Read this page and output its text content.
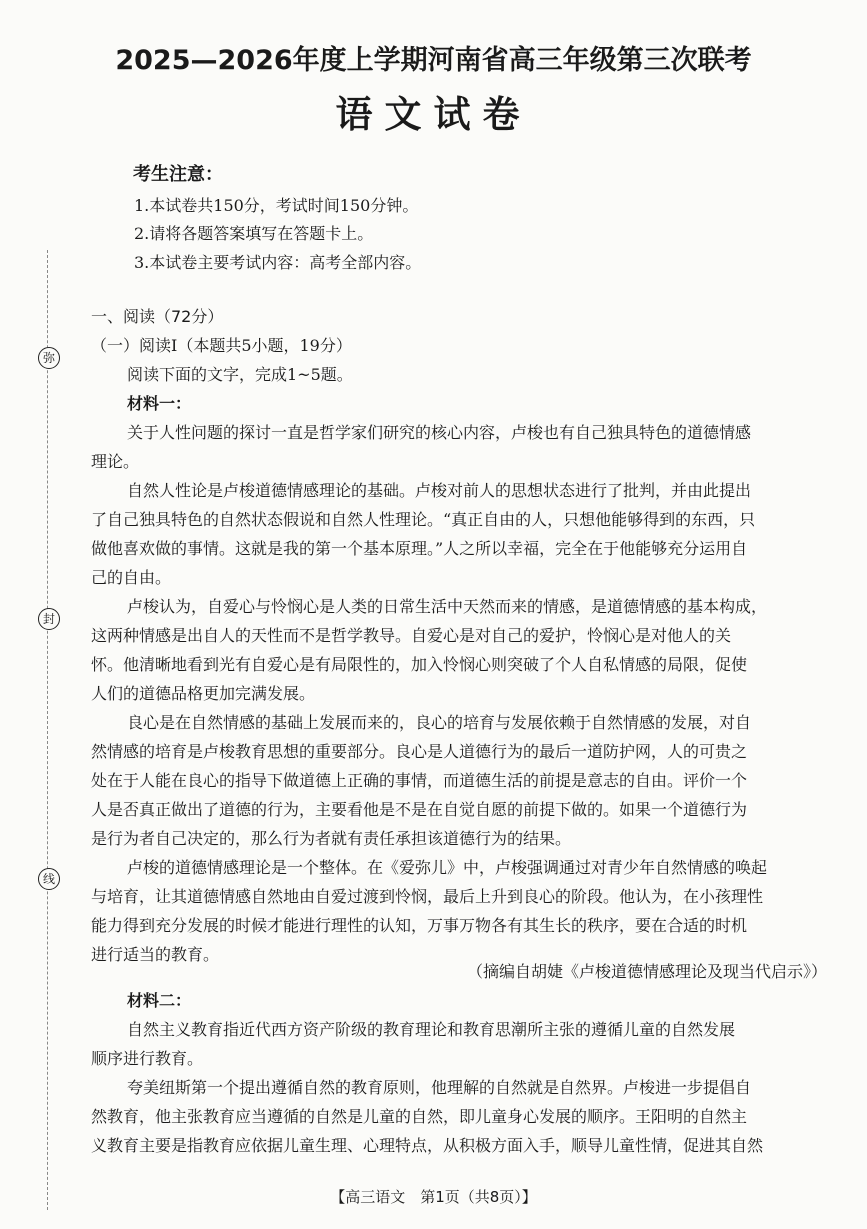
弥
封
线
2025—2026年度上学期河南省高三年级第三次联考
语文试卷
考生注意：
1.本试卷共150分，考试时间150分钟。
2.请将各题答案填写在答题卡上。
3.本试卷主要考试内容：高考全部内容。
一、阅读（72分）
（一）阅读Ⅰ（本题共5小题，19分）
阅读下面的文字，完成1~5题。
材料一：
关于人性问题的探讨一直是哲学家们研究的核心内容，卢梭也有自己独具特色的道德情感
理论。
自然人性论是卢梭道德情感理论的基础。卢梭对前人的思想状态进行了批判，并由此提出
了自己独具特色的自然状态假说和自然人性理论。“真正自由的人，只想他能够得到的东西，只
做他喜欢做的事情。这就是我的第一个基本原理。”人之所以幸福，完全在于他能够充分运用自
己的自由。
卢梭认为，自爱心与怜悯心是人类的日常生活中天然而来的情感，是道德情感的基本构成，
这两种情感是出自人的天性而不是哲学教导。自爱心是对自己的爱护，怜悯心是对他人的关
怀。他清晰地看到光有自爱心是有局限性的，加入怜悯心则突破了个人自私情感的局限，促使
人们的道德品格更加完满发展。
良心是在自然情感的基础上发展而来的，良心的培育与发展依赖于自然情感的发展，对自
然情感的培育是卢梭教育思想的重要部分。良心是人道德行为的最后一道防护网，人的可贵之
处在于人能在良心的指导下做道德上正确的事情，而道德生活的前提是意志的自由。评价一个
人是否真正做出了道德的行为，主要看他是不是在自觉自愿的前提下做的。如果一个道德行为
是行为者自己决定的，那么行为者就有责任承担该道德行为的结果。
卢梭的道德情感理论是一个整体。在《爱弥儿》中，卢梭强调通过对青少年自然情感的唤起
与培育，让其道德情感自然地由自爱过渡到怜悯，最后上升到良心的阶段。他认为，在小孩理性
能力得到充分发展的时候才能进行理性的认知，万事万物各有其生长的秩序，要在合适的时机
进行适当的教育。
（摘编自胡婕《卢梭道德情感理论及现当代启示》）
材料二：
自然主义教育指近代西方资产阶级的教育理论和教育思潮所主张的遵循儿童的自然发展
顺序进行教育。
夸美纽斯第一个提出遵循自然的教育原则，他理解的自然就是自然界。卢梭进一步提倡自
然教育，他主张教育应当遵循的自然是儿童的自然，即儿童身心发展的顺序。王阳明的自然主
义教育主要是指教育应依据儿童生理、心理特点，从积极方面入手，顺导儿童性情，促进其自然
【高三语文　第1页（共8页）】
